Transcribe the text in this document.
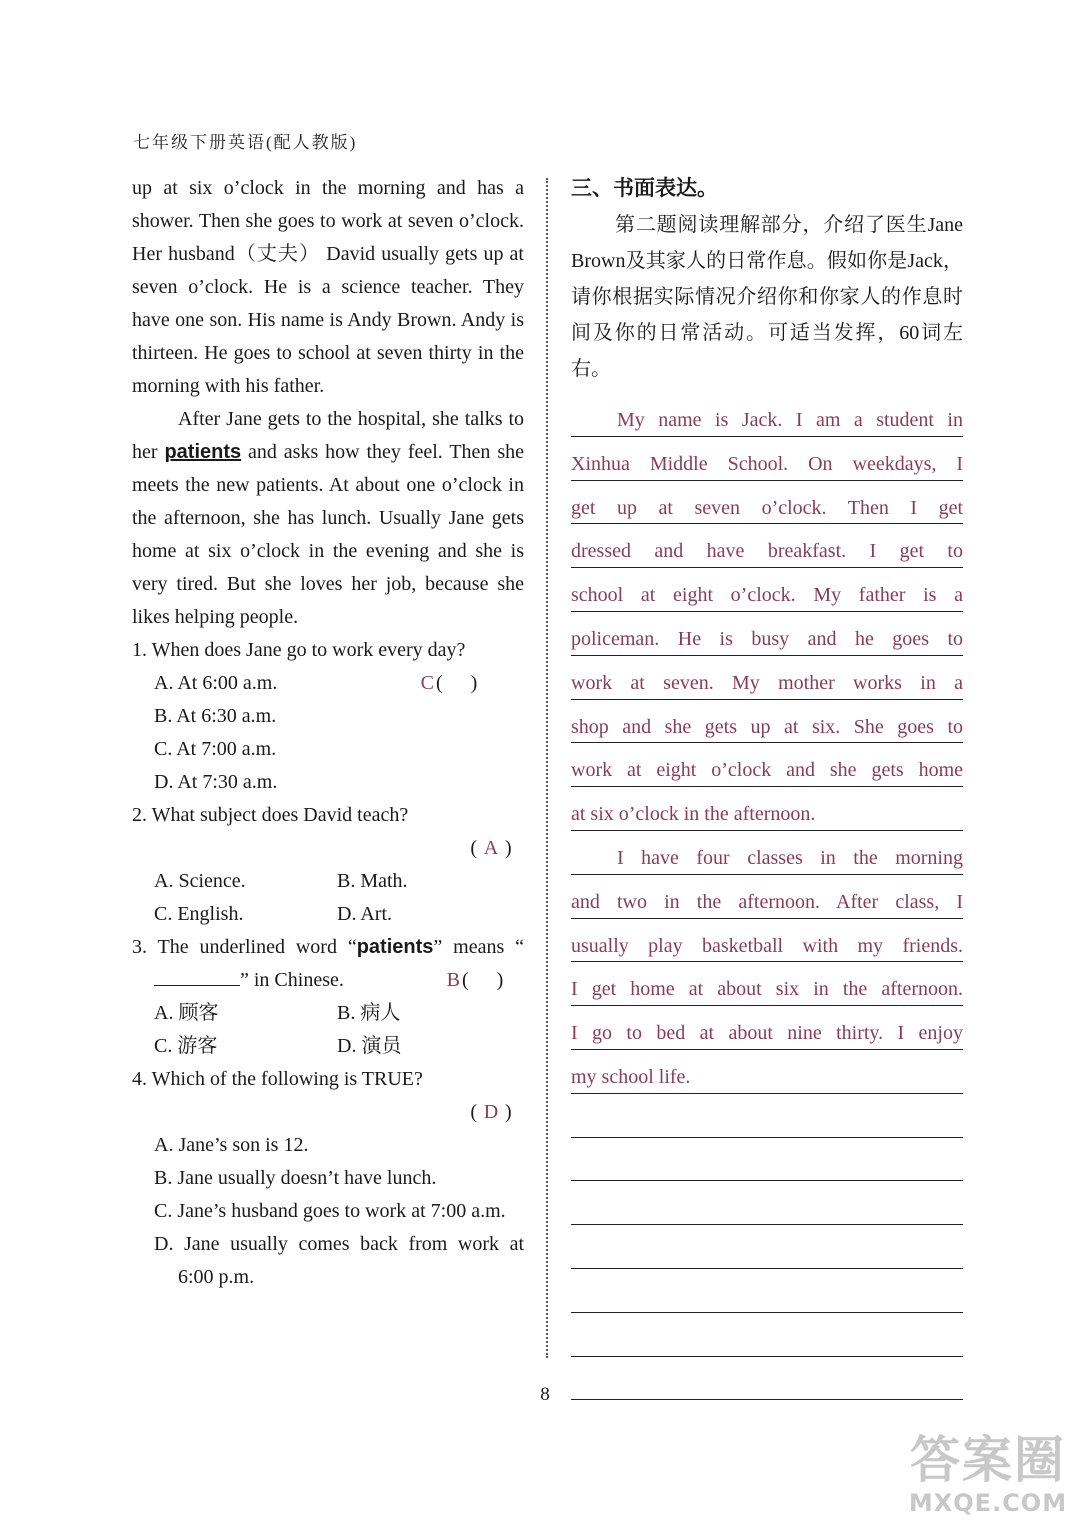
七年级下册英语(配人教版)

up at six o’clock in the morning and has a shower. Then she goes to work at seven o’clock. Her husband（丈夫） David usually gets up at seven o’clock. He is a science teacher. They have one son. His name is Andy Brown. Andy is thirteen. He goes to school at seven thirty in the morning with his father.

After Jane gets to the hospital, she talks to her patients and asks how they feel. Then she meets the new patients. At about one o’clock in the afternoon, she has lunch. Usually Jane gets home at six o’clock in the evening and she is very tired. But she loves her job, because she likes helping people.

1. When does Jane go to work every day?
(C )

A. At 6:00 a.m.
B. At 6:30 a.m.
C. At 7:00 a.m.
D. At 7:30 a.m.

2. What subject does David teach?

( A )
A. Science.	B. Math.
C. English.	D. Art.

3. The underlined word “patients” means “” in Chinese.	(B )

A. 顾客	B. 病人
C. 游客	D. 演员

4. Which of the following is TRUE?

( D )
A. Jane’s son is 12.
B. Jane usually doesn’t have lunch.
C. Jane’s husband goes to work at 7:00 a.m.
D. Jane usually comes back from work at 6:00 p.m.
三、书面表达。
第二题阅读理解部分，介绍了医生Jane Brown及其家人的日常作息。假如你是Jack，请你根据实际情况介绍你和你家人的作息时间及你的日常活动。可适当发挥，60词左右。
My name is Jack. I am a student in
Xinhua Middle School. On weekdays, I
get up at seven o’clock. Then I get
dressed and have breakfast. I get to
school at eight o’clock. My father is a
policeman. He is busy and he goes to
work at seven. My mother works in a
shop and she gets up at six. She goes to
work at eight o’clock and she gets home
at six o’clock in the afternoon.
I have four classes in the morning
and two in the afternoon. After class, I
usually play basketball with my friends.
I get home at about six in the afternoon.
I go to bed at about nine thirty. I enjoy
my school life.
8
答案圈
MXQE.COM
